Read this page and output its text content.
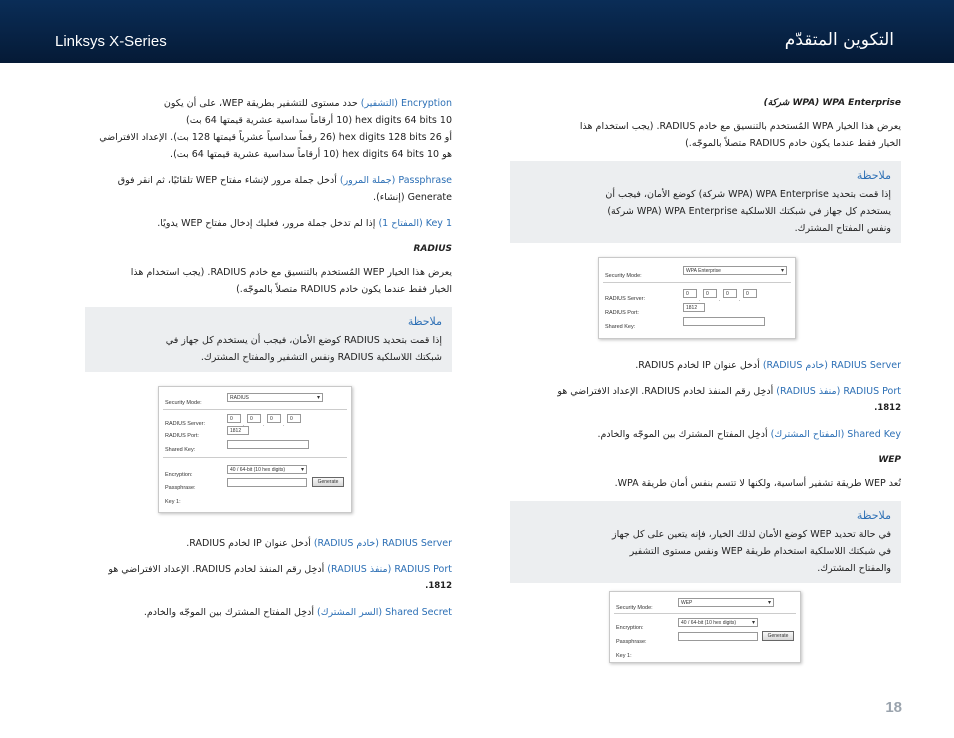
Linksys X-Series	التكوين المتقدّم
Encryption (التشفير) حدد مستوى للتشفير بطريقة WEP، على أن يكون
10 hex digits 64 bits (10 أرقاماً سداسية عشرية قيمتها 64 بت)
أو 26 hex digits 128 bits (26 رقماً سداسياً عشرياً قيمتها 128 بت). الإعداد الافتراضي
هو 10 hex digits 64 bits (10 أرقاماً سداسية عشرية قيمتها 64 بت).
Passphrase (جملة المرور) أدخل جملة مرور لإنشاء مفتاح WEP تلقائيًا، ثم انقر فوق
Generate (إنشاء).
Key 1 (المفتاح 1) إذا لم تدخل جملة مرور، فعليك إدخال مفتاح WEP يدويًا.
RADIUS
يعرض هذا الخيار WEP المُستخدم بالتنسيق مع خادم RADIUS. (يجب استخدام هذا
الخيار فقط عندما يكون خادم RADIUS متصلاً بالموجّه.)
ملاحظة
إذا قمت بتحديد RADIUS كوضع الأمان، فيجب أن يستخدم كل جهاز في
شبكتك اللاسلكية RADIUS ونفس التشفير والمفتاح المشترك.
Security Mode:
RADIUS ▾
RADIUS Server:
0
.
0
.
0
.
0
RADIUS Port:
1812
Shared Key:
Encryption:
40 / 64-bit (10 hex digits) ▾
Passphrase:
Generate
Key 1:
RADIUS Server (خادم RADIUS) أدخل عنوان IP لخادم RADIUS.
RADIUS Port (منفذ RADIUS) أدخِل رقم المنفذ لخادم RADIUS. الإعداد الافتراضي هو
1812.
Shared Secret (السر المشترك) أدخِل المفتاح المشترك بين الموجّه والخادم.
WPA Enterprise (WPA شركة)
يعرض هذا الخيار WPA المُستخدم بالتنسيق مع خادم RADIUS. (يجب استخدام هذا
الخيار فقط عندما يكون خادم RADIUS متصلاً بالموجّه.)
ملاحظة
إذا قمت بتحديد WPA Enterprise (WPA شركة) كوضع الأمان، فيجب أن
يستخدم كل جهاز في شبكتك اللاسلكية WPA Enterprise (WPA شركة)
ونفس المفتاح المشترك.
Security Mode:
WPA Enterprise ▾
RADIUS Server:
0
.
0
.
0
.
0
RADIUS Port:
1812
Shared Key:
RADIUS Server (خادم RADIUS) أدخل عنوان IP لخادم RADIUS.
RADIUS Port (منفذ RADIUS) أدخِل رقم المنفذ لخادم RADIUS. الإعداد الافتراضي هو
1812.
Shared Key (المفتاح المشترك) أدخِل المفتاح المشترك بين الموجّه والخادم.
WEP
تُعد WEP طريقة تشفير أساسية، ولكنها لا تتسم بنفس أمان طريقة WPA.
ملاحظة
في حالة تحديد WEP كوضع الأمان لذلك الخيار، فإنه يتعين على كل جهاز
في شبكتك اللاسلكية استخدام طريقة WEP ونفس مستوى التشفير
والمفتاح المشترك.
Security Mode:
WEP ▾
Encryption:
40 / 64-bit (10 hex digits) ▾
Passphrase:
Generate
Key 1:
18
